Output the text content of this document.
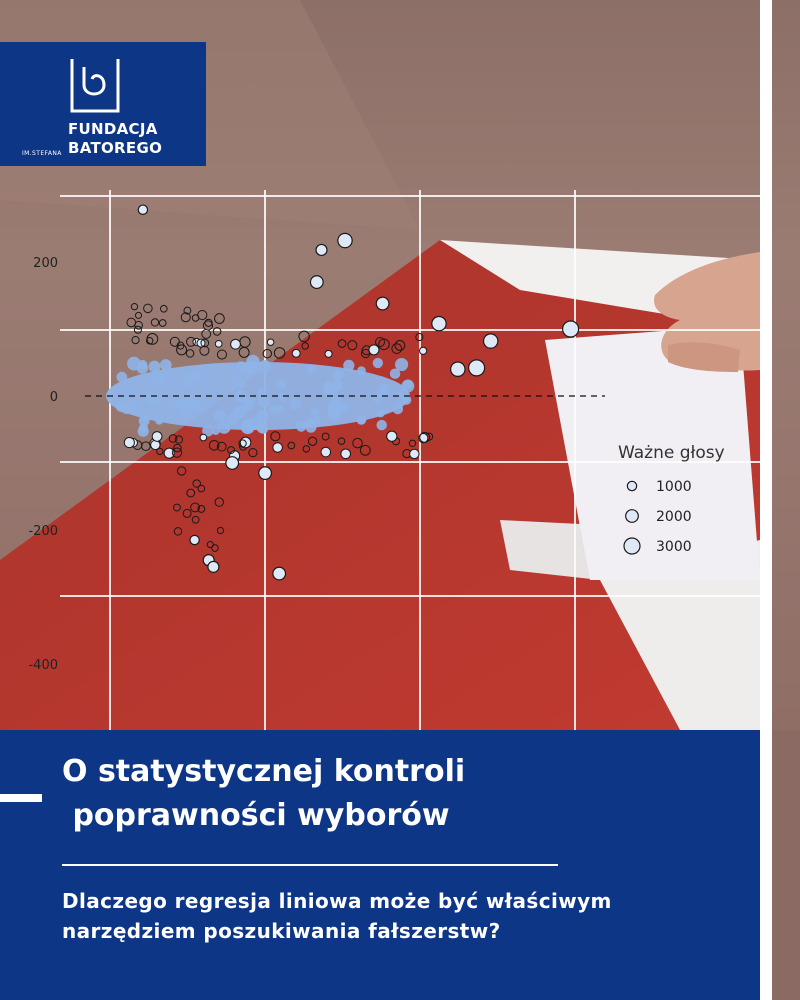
200
0
-200
-400
Ważne głosy
1000
2000
3000
IM.STEFANA
FUNDACJA
BATOREGO
O statystycznej kontroli
poprawności wyborów

Dlaczego regresja liniowa może być właściwym narzędziem poszukiwania fałszerstw?
